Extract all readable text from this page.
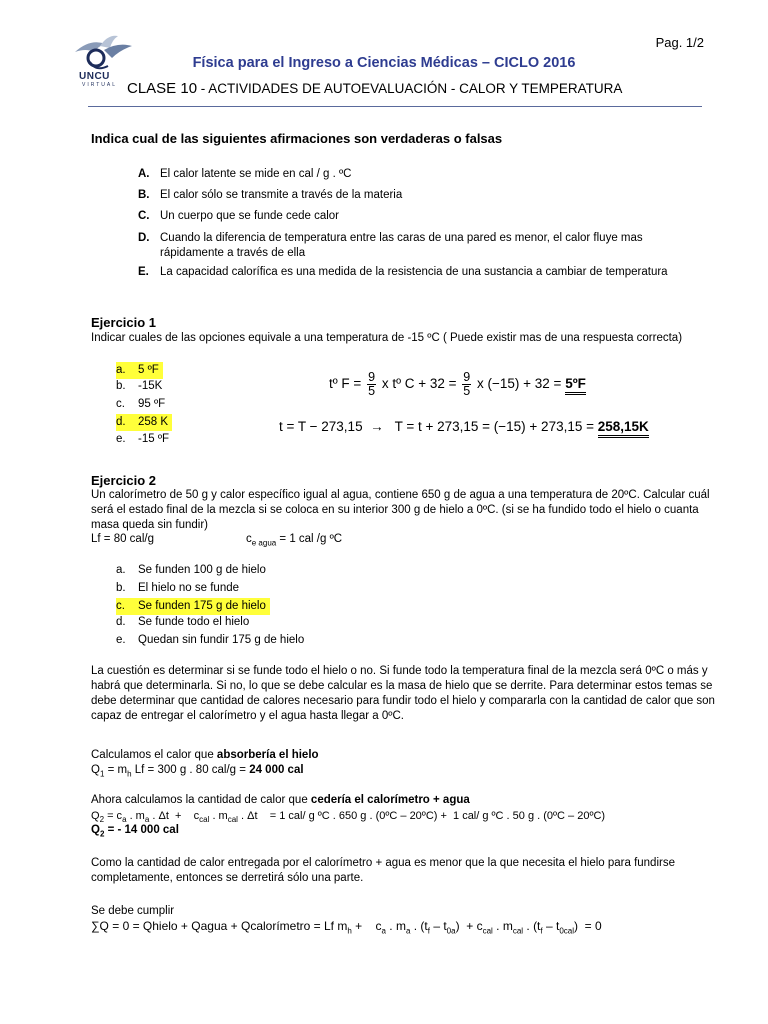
Pag. 1/2
UNCU
VIRTUAL
Física para el Ingreso a Ciencias Médicas – CICLO 2016
CLASE 10 - ACTIVIDADES DE AUTOEVALUACIÓN - CALOR Y TEMPERATURA
Indica cual de las siguientes afirmaciones son verdaderas o falsas
A. El calor latente se mide en cal / g . ºC
B. El calor sólo se transmite a través de la materia
C. Un cuerpo que se funde cede calor
D. Cuando la diferencia de temperatura entre las caras de una pared es menor, el calor fluye mas rápidamente a través de ella
E. La capacidad calorífica es una medida de la resistencia de una sustancia a cambiar de temperatura
Ejercicio 1
Indicar cuales de las opciones equivale a una temperatura de -15 ºC ( Puede existir mas de una respuesta correcta)
a. 5 ºF
b. -15K
c. 95 ºF
d. 258 K
e. -15 ºF
tº $F = \frac{9}{5}$ x tº $C + 32 = \frac{9}{5}$ x (−15) + 32 = 5ºF
t = T − 273,15  →   T = t + 273,15 = (−15) + 273,15 = 258,15K
Ejercicio 2
Un calorímetro de 50 g y calor específico igual al agua, contiene 650 g de agua a una temperatura de 20ºC. Calcular cuál será el estado final de la mezcla si se coloca en su interior 300 g de hielo a 0ºC. (si se ha fundido todo el hielo o cuanta masa queda sin fundir)
Lf = 80 cal/g	$c_{e agua} = 1$ cal /g ºC
a. Se funden 100 g de hielo
b. El hielo no se funde
c. Se funden 175 g de hielo
d. Se funde todo el hielo
e. Quedan sin fundir 175 g de hielo
La cuestión es determinar si se funde todo el hielo o no. Si funde todo la temperatura final de la mezcla será 0ºC o más y habrá que determinarla. Si no, lo que se debe calcular es la masa de hielo que se derrite. Para determinar estos temas se debe determinar que cantidad de calores necesario para fundir todo el hielo y compararla con la cantidad de calor que son capaz de entregar el calorímetro y el agua hasta llegar a 0ºC.
Calculamos el calor que absorbería el hielo
$Q_1 = m_h$ Lf = 300 g . 80 cal/g = 24 000 cal
Ahora calculamos la cantidad de calor que cedería el calorímetro + agua
$Q_2 = c_a$ . $m_a$ . Δt  +    $c_{cal}$ . $m_{cal}$ . Δt    = 1 cal/ g ºC . 650 g . (0ºC – 20ºC) +  1 cal/ g ºC . 50 g . (0ºC – 20ºC)
$Q_2$ = - 14 000 cal
Como la cantidad de calor entregada por el calorímetro + agua es menor que la que necesita el hielo para fundirse completamente, entonces se derretirá sólo una parte.
Se debe cumplir
∑Q = 0 = Qhielo + Qagua + Qcalorímetro = Lf $m_h$ +    $c_a$ . $m_a$ . $(t_f - t_{0a}) + c_{cal}$ . $m_{cal}$ . $(t_f - t_{0cal}) = 0$
